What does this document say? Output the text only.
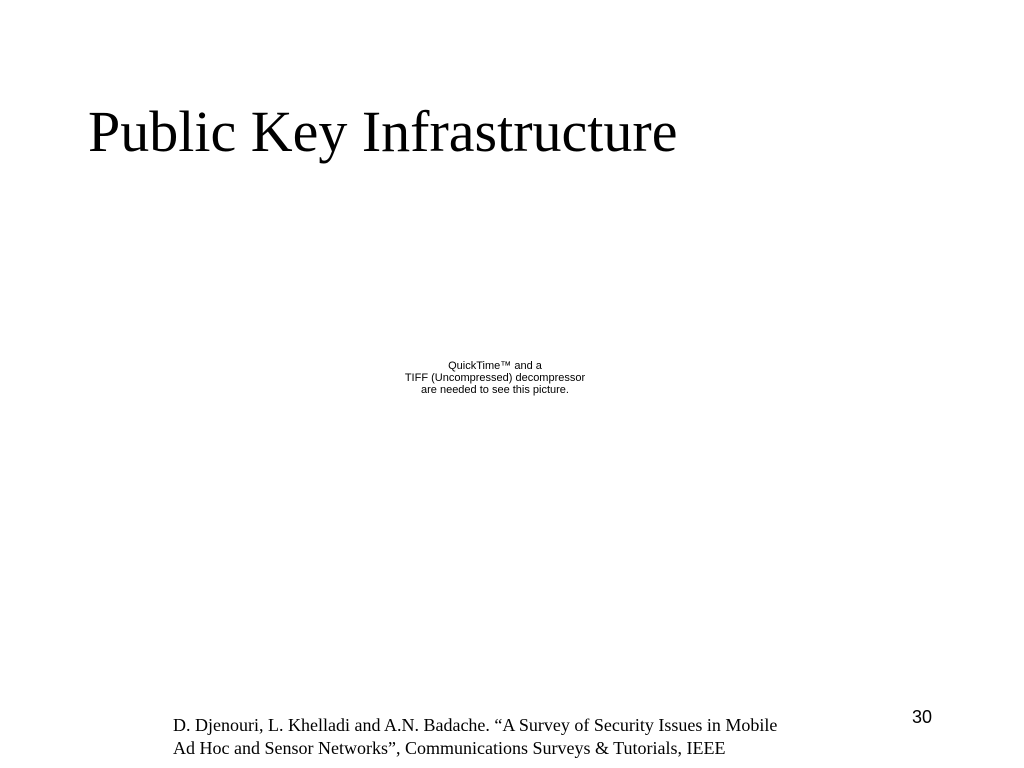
Public Key Infrastructure
QuickTime™ and a
TIFF (Uncompressed) decompressor
are needed to see this picture.
30
D. Djenouri, L. Khelladi and A.N. Badache. “A Survey of Security Issues in Mobile
Ad Hoc and Sensor Networks”, Communications Surveys & Tutorials, IEEE
